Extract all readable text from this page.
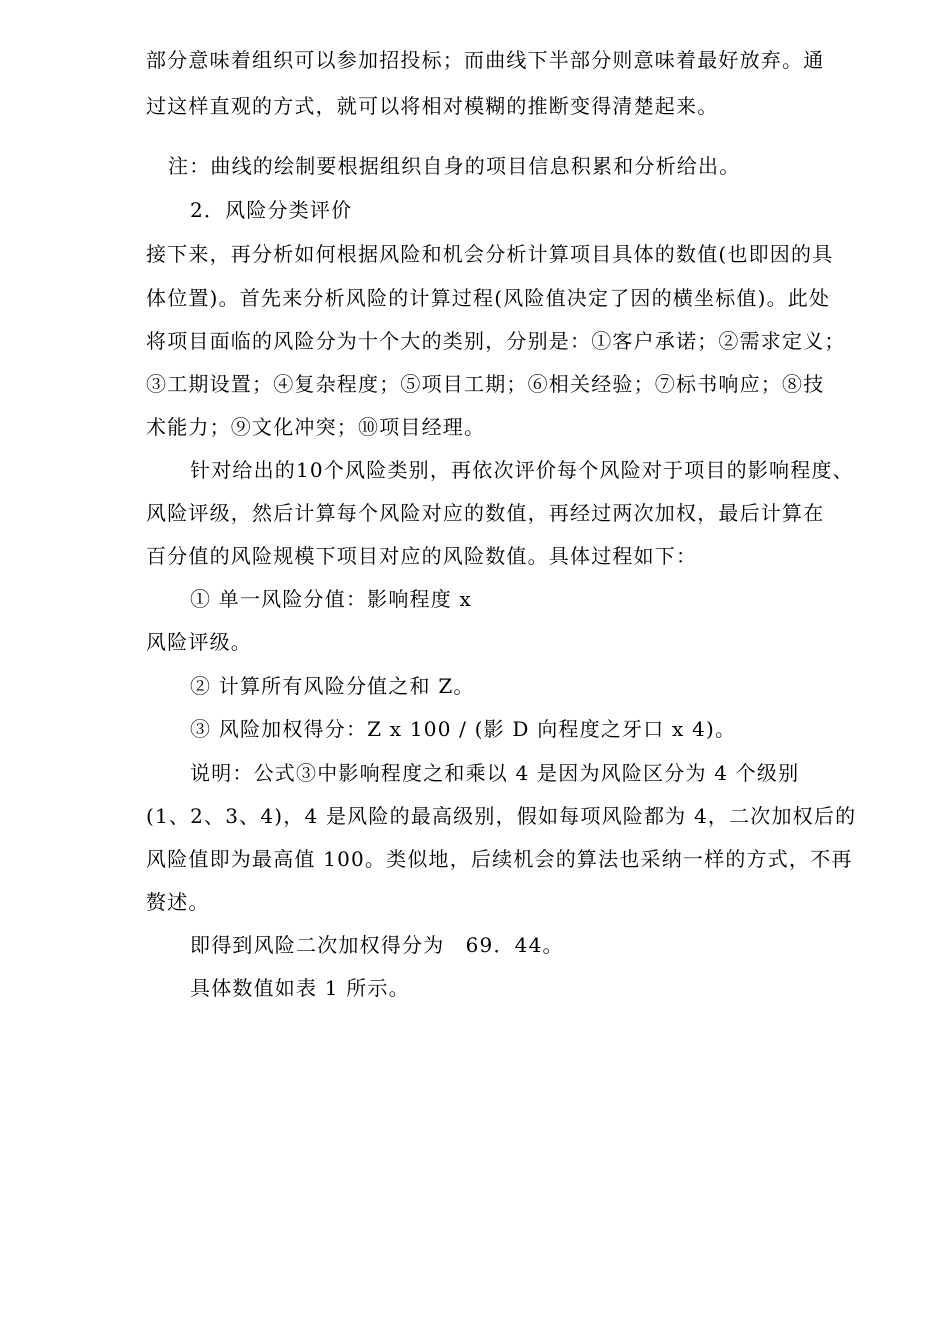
部分意味着组织可以参加招投标；而曲线下半部分则意味着最好放弃。通
过这样直观的方式，就可以将相对模糊的推断变得清楚起来。
注：曲线的绘制要根据组织自身的项目信息积累和分析给出。
2．风险分类评价
接下来，再分析如何根据风险和机会分析计算项目具体的数值(也即因的具
体位置)。首先来分析风险的计算过程(风险值决定了因的横坐标值)。此处
将项目面临的风险分为十个大的类别，分别是：①客户承诺；②需求定义；
③工期设置；④复杂程度；⑤项目工期；⑥相关经验；⑦标书响应；⑧技
术能力；⑨文化冲突；⑩项目经理。
针对给出的10个风险类别，再依次评价每个风险对于项目的影响程度、
风险评级，然后计算每个风险对应的数值，再经过两次加权，最后计算在
百分值的风险规模下项目对应的风险数值。具体过程如下：
① 单一风险分值：影响程度 x
风险评级。
② 计算所有风险分值之和 Z。
③ 风险加权得分：Z x 100 / (影 D 向程度之牙口 x 4)。
说明：公式③中影响程度之和乘以 4 是因为风险区分为 4 个级别
(1、2、3、4)，4 是风险的最高级别，假如每项风险都为 4，二次加权后的
风险值即为最高值 100。类似地，后续机会的算法也采纳一样的方式，不再
赘述。
即得到风险二次加权得分为　69．44。
具体数值如表 1 所示。
